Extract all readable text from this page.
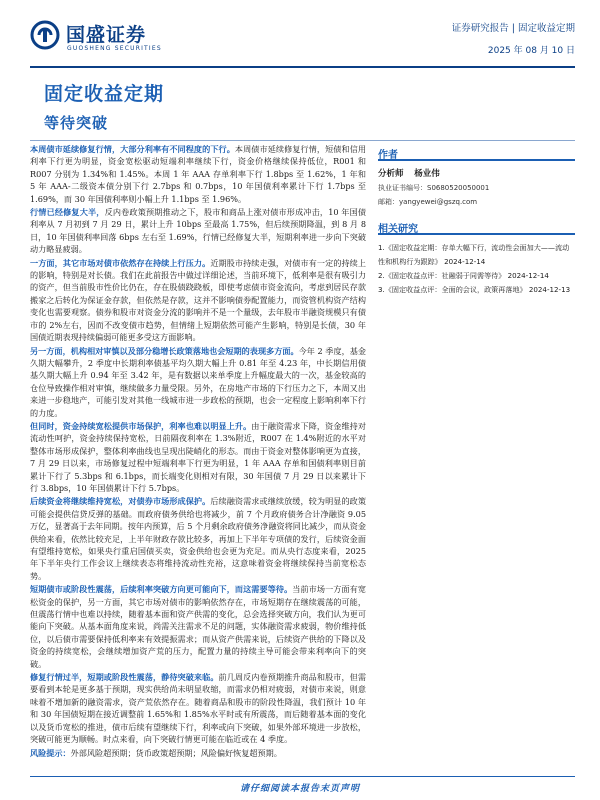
国盛证券
GUOSHENG SECURITIES
证券研究报告 | 固定收益定期
2025 年 08 月 10 日
固定收益定期
等待突破

本周债市延续修复行情，大部分利率有不同程度的下行。本周债市延续修复行情，短债和信用利率下行更为明显，资金宽松驱动短端利率继续下行，资金价格继续保持低位，R001 和 R007 分别为 1.34%和 1.45%。本周 1 年 AAA 存单利率下行 1.8bps 至 1.62%，1 年和 5 年 AAA-二级资本债分别下行 2.7bps 和 0.7bps，10 年国债利率累计下行 1.7bps 至 1.69%，而 30 年国债利率则小幅上升 1.1bps 至 1.96%。

行情已经修复大半，反内卷政策预期推动之下，股市和商品上涨对债市形成冲击，10 年国债利率从 7 月初到 7 月 29 日，累计上升 10bps 至最高 1.75%，但后续预期降温，到 8 月 8 日，10 年国债利率回落 6bps 左右至 1.69%，行情已经修复大半，短期利率进一步向下突破动力略显疲弱。

一方面，其它市场对债市依然存在持续上行压力。近期股市持续走强，对债市有一定的持续上的影响，特别是对长债。我们在此前报告中做过详细论述，当前环境下，低利率是很有吸引力的资产，但当前股市性价比仍在，存在股债跷跷板，即使考虑债市资金流向，考虑到居民存款搬家之后转化为保证金存款，但依然是存款，这并不影响债券配置能力，而资管机构资产结构变化也需要观察。债券和股市对资金分流的影响并不是一个量级，去年股市半融资规模只有债市的 2%左右，因而不改变债市趋势，但情绪上短期依然可能产生影响，特别是长债，30 年国债近期表现持续偏弱可能更多受这方面影响。

另一方面，机构相对审慎以及部分稳增长政策落地也会短期的表现多方面。今年 2 季度，基金久期大幅攀升，2 季度中长期利率债基平均久期大幅上升 0.81 年至 4.23 年，中长期信用债基久期大幅上升 0.94 年至 3.42 年，是有数据以来单季度上升幅度最大的一次，基金较高的仓位导致操作相对审慎，继续做多力量受限。另外，在房地产市场的下行压力之下，本周又出来进一步稳地产，可能引发对其他一线城市进一步政松的预期，也会一定程度上影响利率下行的力度。

但同时，资金持续宽松提供市场保护，利率也难以明显上升。由于融资需求下降，资金维持对流动性呵护，资金持续保持宽松，日前隔夜利率在 1.3%附近，R007 在 1.4%附近的水平对整体市场形成保护，整体利率曲线也呈现出陡峭化的形态。而由于资金对整体影响更为直接，7 月 29 日以来，市场修复过程中短端利率下行更为明显，1 年 AAA 存单和国债利率则目前累计下行了 5.3bps 和 6.1bps，而长端变化则相对有限，30 年国债 7 月 29 日以来累计下行 3.8bps，10 年国债累计下行 5.7bps。

后续资金将继续维持宽松，对债券市场形成保护。后续融资需求或继续放缓，较为明显的政策可能会提供信贷反弹的基础。而政府债务供给也将减少，前 7 个月政府债务合计净融资 9.05 万亿，显著高于去年同期。按年内预算，后 5 个月剩余政府债务净融资将同比减少，而从资金供给来看，依然比较充足，上半年财政存款比较多，再加上下半年专项债的发行，后续资金面有望维持宽松，如果央行重启国债买卖，资金供给也会更为充足。而从央行态度来看，2025 年下半年央行工作会议上继续表态将维持流动性充裕，这意味着资金将继续保持当前宽松态势。

短期债市或阶段性震荡，后续利率突破方向更可能向下，而这需要等待。当前市场一方面有宽松资金的保护，另一方面，其它市场对债市的影响依然存在，市场短期存在继续震荡的可能，但震荡行情中也难以持续，随着基本面和资产供需的变化，总会选择突破方向，我们认为更可能向下突破。从基本面角度来说，尚需关注需求不足的问题，实体融资需求疲弱，物价维持低位，以后债市需要保持低利率来有效提振需求；而从资产供需来说，后续资产供给的下降以及资金的持续宽松，会继续增加资产荒的压力，配置力量的持续主导可能会带来利率向下的突破。

修复行情过半，短期或阶段性震荡，静待突破来临。前几周反内卷预期推升商品和股市，但需要看到本轮是更多基于预期，现实供给尚未明显收缩，而需求仍相对疲弱，对债市来说，则意味着不增加新的融资需求，资产荒依然存在。随着商品和股市的阶段性降温，我们预计 10 年和 30 年国债短期在接近调整前 1.65%和 1.85%水平时或有所震荡，而后随着基本面的变化以及货币宽松的推进，债市后续有望继续下行，利率或向下突破，如果外部环境进一步放松，突破可能更为顺畅。时点来看，向下突破行情更可能在临近或在 4 季度。

风险提示：外部风险超预期；货币政策超预期；风险偏好恢复超预期。

作者
分析师 杨业伟
执业证书编号：S0680520050001
邮箱：yangyewei@gszq.com
相关研究
1.《固定收益定期：存单大幅下行，流动性会面加大——流动性和机构行为跟踪》 2024-12-14
2.《固定收益点评：社融弱于同需等待》 2024-12-14
3.《固定收益点评：全面的会议，政策再落地》 2024-12-13
请仔细阅读本报告末页声明
